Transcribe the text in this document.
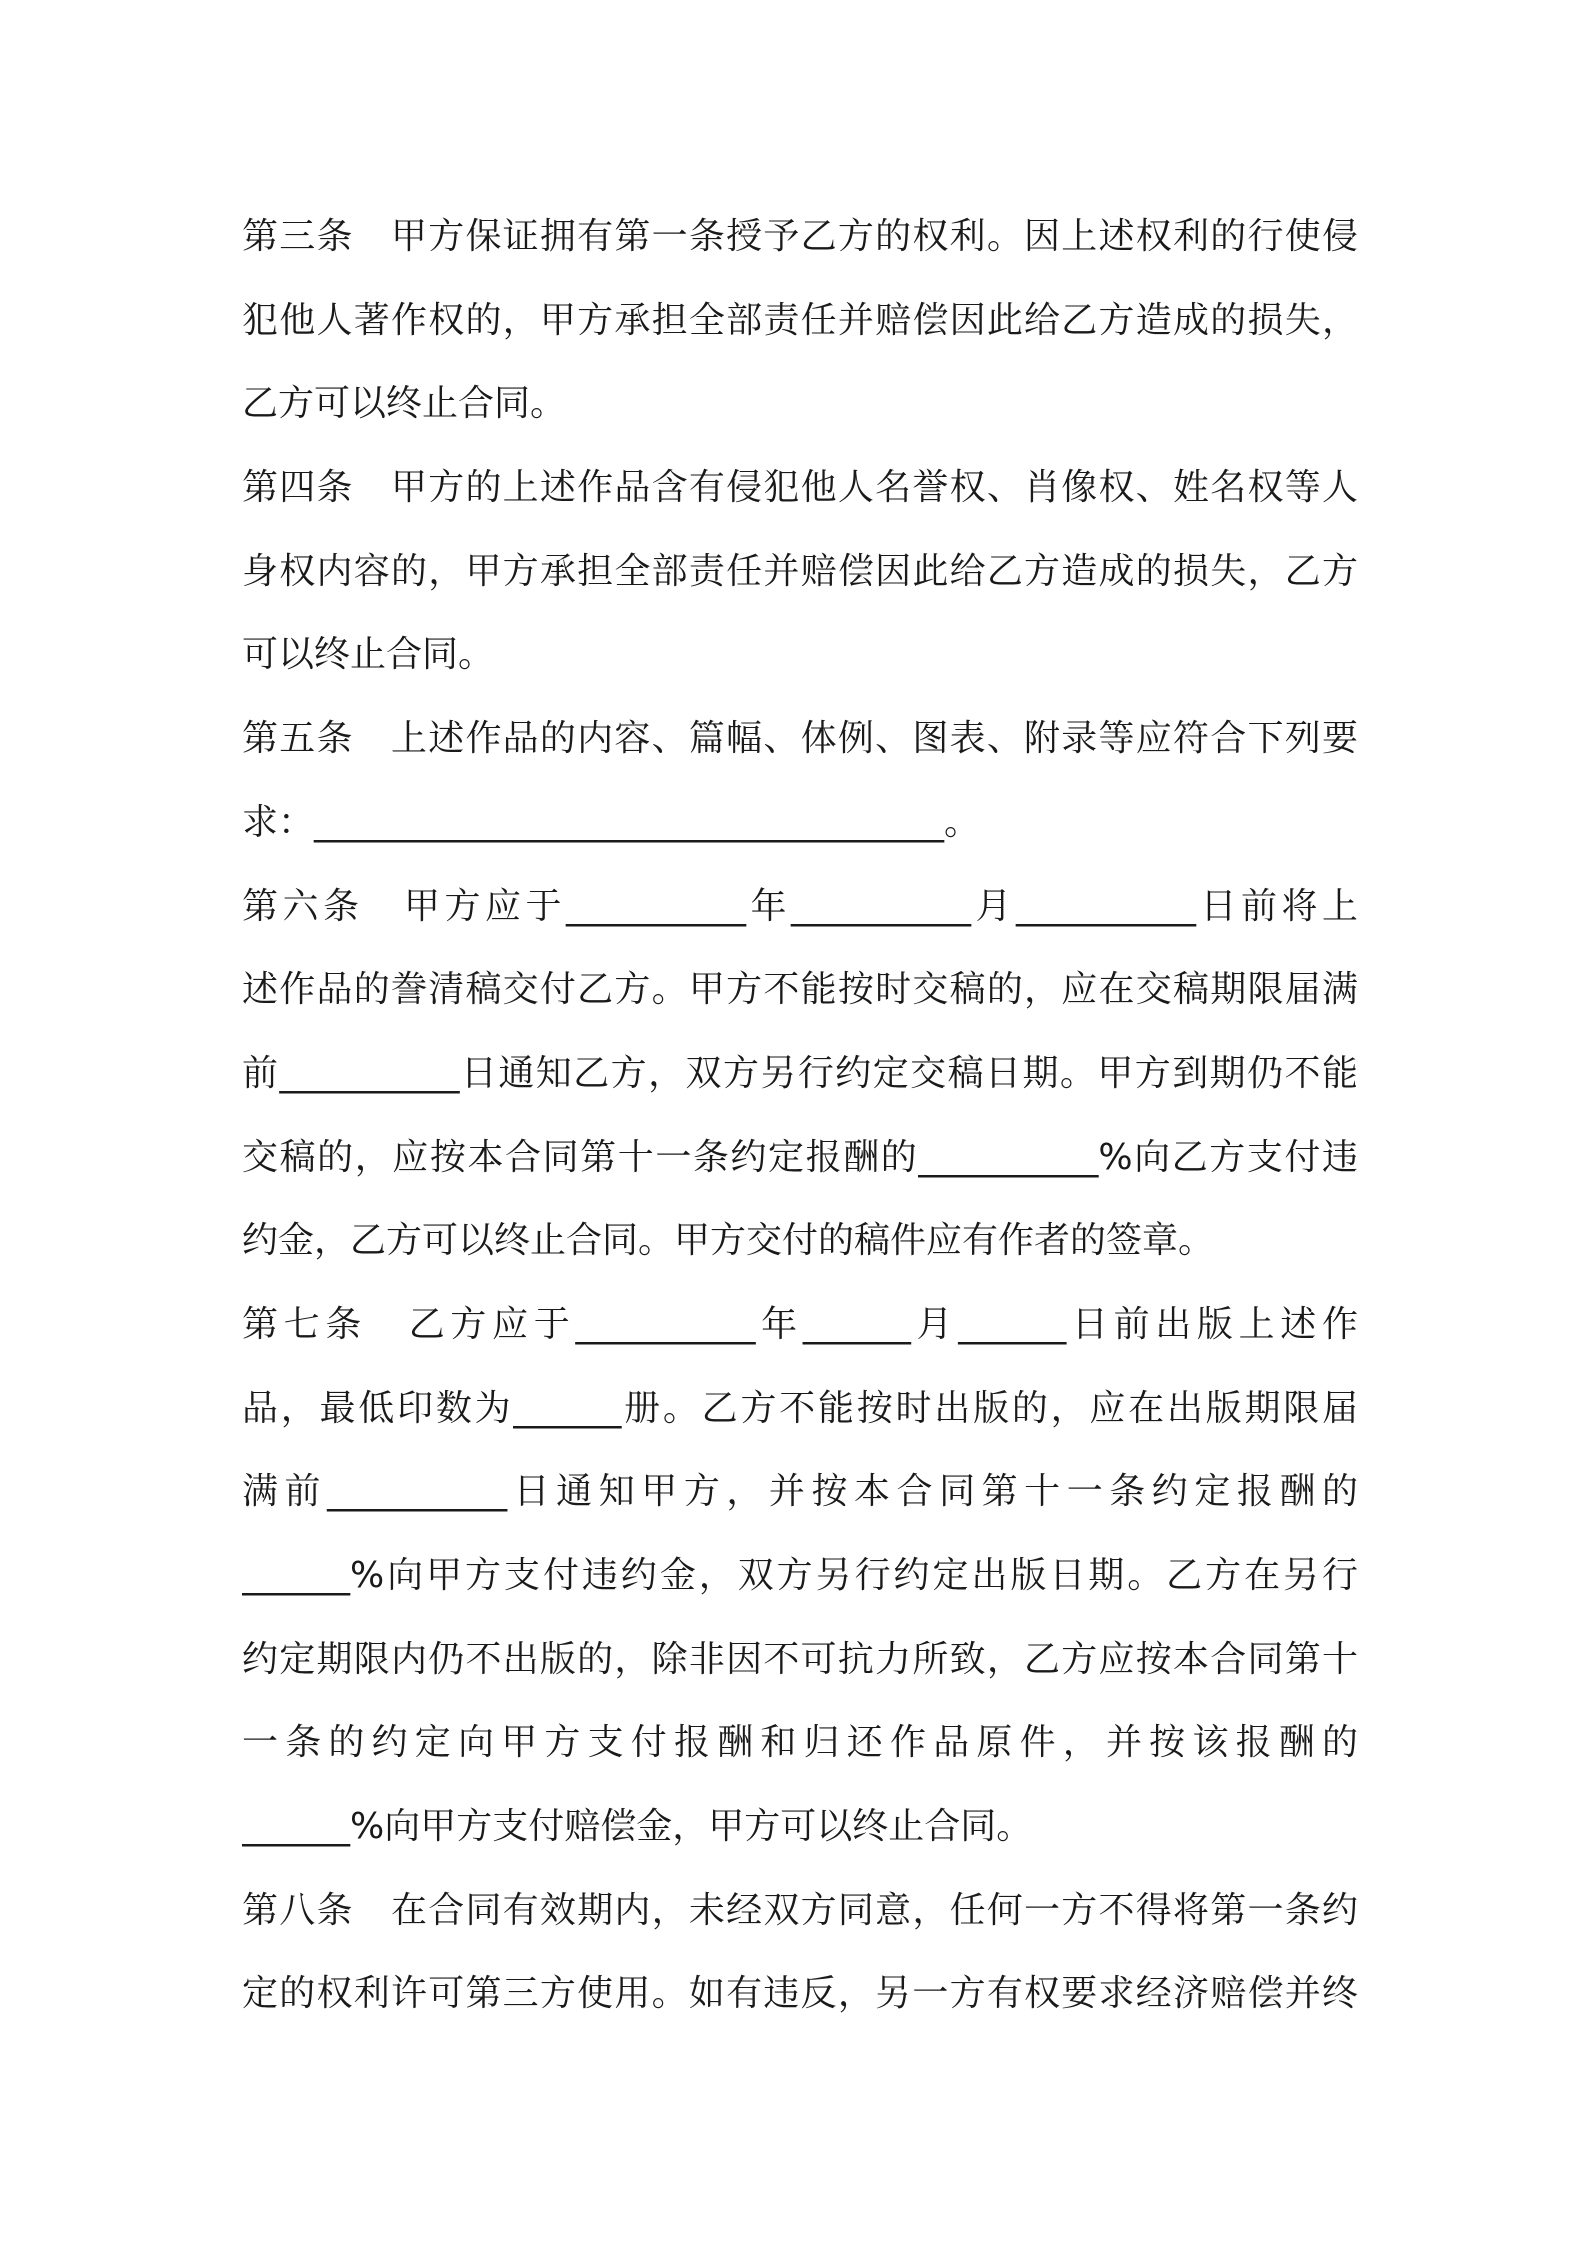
第三条　甲方保证拥有第一条授予乙方的权利。因上述权利的行使侵
犯他人著作权的，甲方承担全部责任并赔偿因此给乙方造成的损失，
乙方可以终止合同。
第四条　甲方的上述作品含有侵犯他人名誉权、肖像权、姓名权等人
身权内容的，甲方承担全部责任并赔偿因此给乙方造成的损失，乙方
可以终止合同。
第五条　上述作品的内容、篇幅、体例、图表、附录等应符合下列要
求：___________________________________。
第六条　甲方应于__________年__________月__________日前将上
述作品的誊清稿交付乙方。甲方不能按时交稿的，应在交稿期限届满
前__________日通知乙方，双方另行约定交稿日期。甲方到期仍不能
交稿的，应按本合同第十一条约定报酬的__________%向乙方支付违
约金，乙方可以终止合同。甲方交付的稿件应有作者的签章。
第七条　乙方应于__________年______月______日前出版上述作
品，最低印数为______册。乙方不能按时出版的，应在出版期限届
满前__________日通知甲方，并按本合同第十一条约定报酬的
______%向甲方支付违约金，双方另行约定出版日期。乙方在另行
约定期限内仍不出版的，除非因不可抗力所致，乙方应按本合同第十
一条的约定向甲方支付报酬和归还作品原件，并按该报酬的
______%向甲方支付赔偿金，甲方可以终止合同。
第八条　在合同有效期内，未经双方同意，任何一方不得将第一条约
定的权利许可第三方使用。如有违反，另一方有权要求经济赔偿并终
